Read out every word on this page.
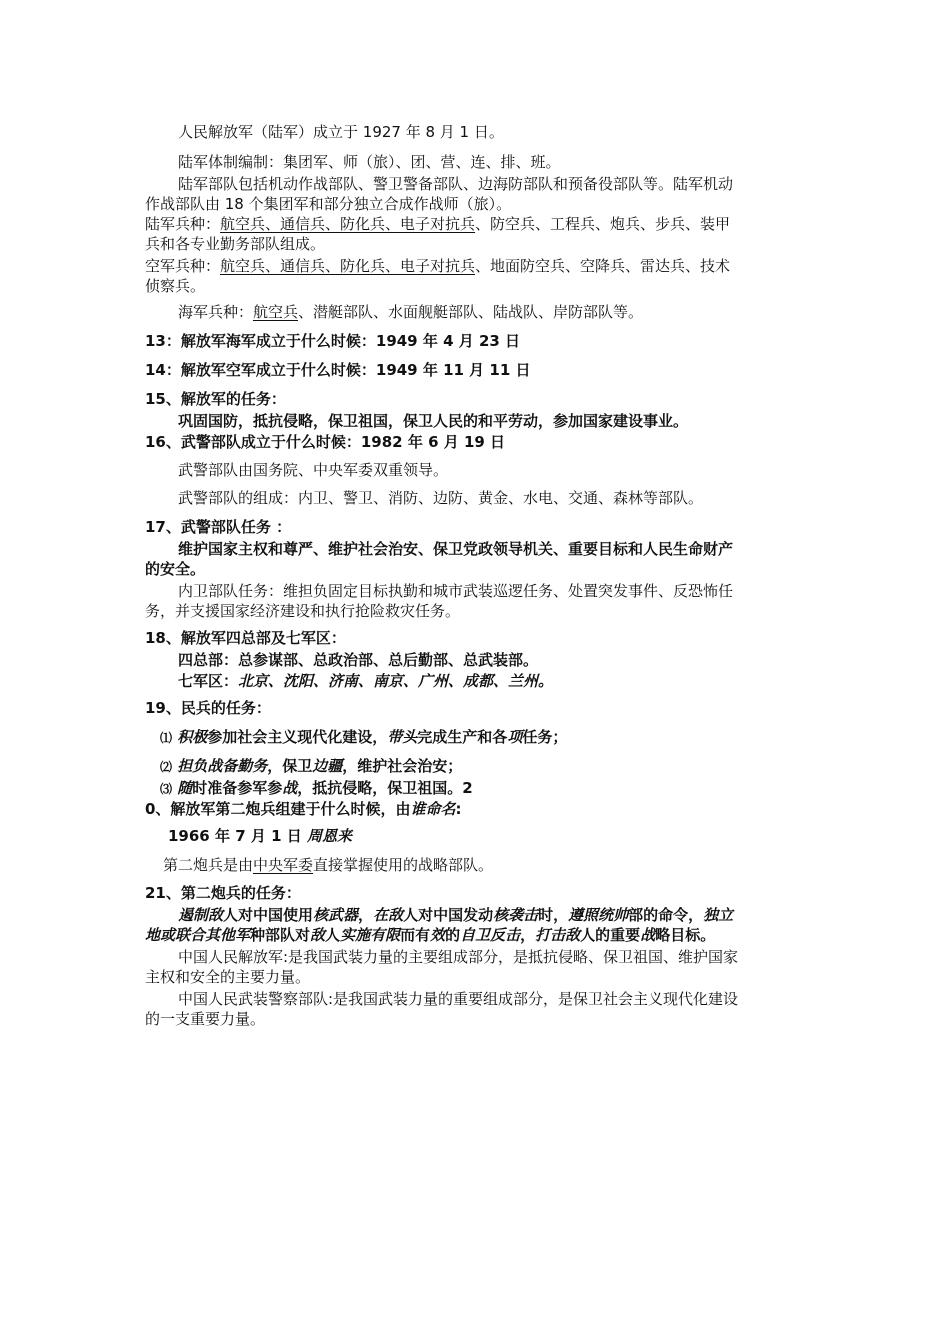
人民解放军（陆军）成立于 1927 年 8 月 1 日。
陆军体制编制：集团军、师（旅）、团、营、连、排、班。
陆军部队包括机动作战部队、警卫警备部队、边海防部队和预备役部队等。陆军机动
作战部队由 18 个集团军和部分独立合成作战师（旅）。
陆军兵种：航空兵、通信兵、防化兵、电子对抗兵、防空兵、工程兵、炮兵、步兵、装甲
兵和各专业勤务部队组成。
空军兵种：航空兵、通信兵、防化兵、电子对抗兵、地面防空兵、空降兵、雷达兵、技术
侦察兵。
海军兵种：航空兵、潜艇部队、水面舰艇部队、陆战队、岸防部队等。
13：解放军海军成立于什么时候：1949 年 4 月 23 日
14：解放军空军成立于什么时候：1949 年 11 月 11 日
15、解放军的任务：
巩固国防，抵抗侵略，保卫祖国，保卫人民的和平劳动，参加国家建设事业。
16、武警部队成立于什么时候：1982 年 6 月 19 日
武警部队由国务院、中央军委双重领导。
武警部队的组成：内卫、警卫、消防、边防、黄金、水电、交通、森林等部队。
17、武警部队任务 ：
维护国家主权和尊严、维护社会治安、保卫党政领导机关、重要目标和人民生命财产
的安全。
内卫部队任务：维担负固定目标执勤和城市武装巡逻任务、处置突发事件、反恐怖任
务，并支援国家经济建设和执行抢险救灾任务。
18、解放军四总部及七军区：
四总部：总参谋部、总政治部、总后勤部、总武装部。
七军区：北京、沈阳、济南、南京、广州、成都、兰州。
19、民兵的任务：
⑴ 积极参加社会主义现代化建设，带头完成生产和各项任务；
⑵ 担负战备勤务，保卫边疆，维护社会治安；
⑶ 随时准备参军参战，抵抗侵略，保卫祖国。2
0、解放军第二炮兵组建于什么时候，由谁命名:
1966 年 7 月 1 日 周恩来
第二炮兵是由中央军委直接掌握使用的战略部队。
21、第二炮兵的任务：
遏制敌人对中国使用核武器，在敌人对中国发动核袭击时，遵照统帅部的命令，独立
地或联合其他军种部队对敌人实施有限而有效的自卫反击，打击敌人的重要战略目标。
中国人民解放军:是我国武装力量的主要组成部分，是抵抗侵略、保卫祖国、维护国家
主权和安全的主要力量。
中国人民武装警察部队:是我国武装力量的重要组成部分，是保卫社会主义现代化建设
的一支重要力量。
